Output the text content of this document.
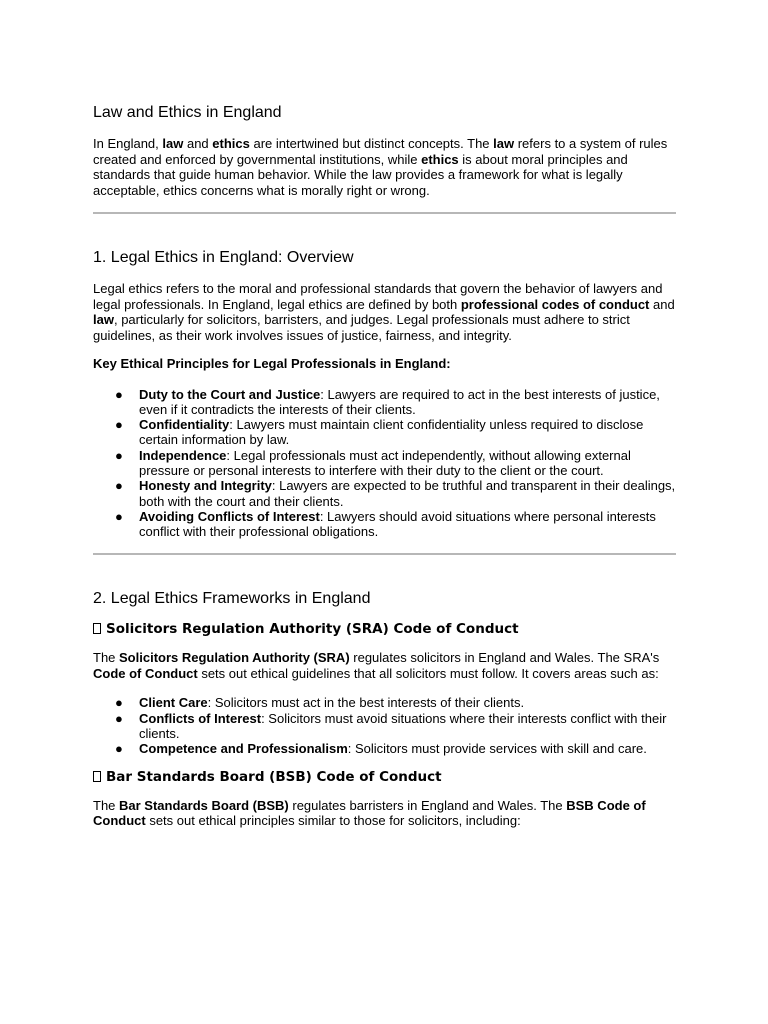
Law and Ethics in England

In England, law and ethics are intertwined but distinct concepts. The law refers to a system of rules created and enforced by governmental institutions, while ethics is about moral principles and standards that guide human behavior. While the law provides a framework for what is legally acceptable, ethics concerns what is morally right or wrong.

1. Legal Ethics in England: Overview

Legal ethics refers to the moral and professional standards that govern the behavior of lawyers and legal professionals. In England, legal ethics are defined by both professional codes of conduct and law, particularly for solicitors, barristers, and judges. Legal professionals must adhere to strict guidelines, as their work involves issues of justice, fairness, and integrity.

Key Ethical Principles for Legal Professionals in England:

● Duty to the Court and Justice: Lawyers are required to act in the best interests of justice, even if it contradicts the interests of their clients.
● Confidentiality: Lawyers must maintain client confidentiality unless required to disclose certain information by law.
● Independence: Legal professionals must act independently, without allowing external pressure or personal interests to interfere with their duty to the client or the court.
● Honesty and Integrity: Lawyers are expected to be truthful and transparent in their dealings, both with the court and their clients.
● Avoiding Conflicts of Interest: Lawyers should avoid situations where personal interests conflict with their professional obligations.
2. Legal Ethics Frameworks in England
Solicitors Regulation Authority (SRA) Code of Conduct

The Solicitors Regulation Authority (SRA) regulates solicitors in England and Wales. The SRA's Code of Conduct sets out ethical guidelines that all solicitors must follow. It covers areas such as:

● Client Care: Solicitors must act in the best interests of their clients.
● Conflicts of Interest: Solicitors must avoid situations where their interests conflict with their clients.
● Competence and Professionalism: Solicitors must provide services with skill and care.
Bar Standards Board (BSB) Code of Conduct

The Bar Standards Board (BSB) regulates barristers in England and Wales. The BSB Code of Conduct sets out ethical principles similar to those for solicitors, including:
